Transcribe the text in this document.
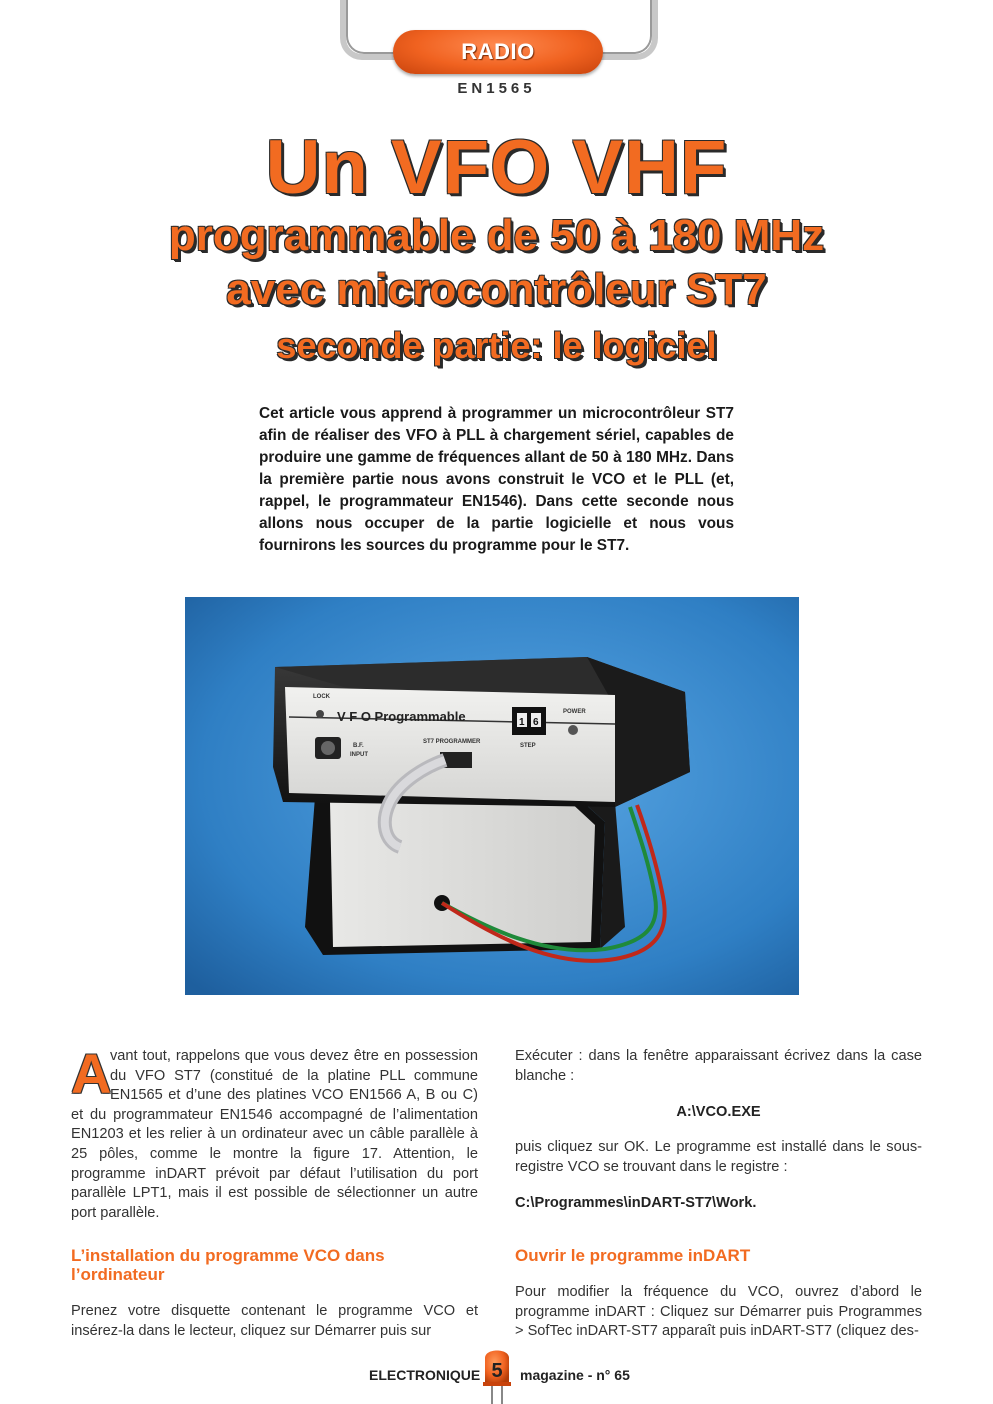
RADIO
EN1565
Un VFO VHF
programmable de 50 à 180 MHz
avec microcontrôleur ST7
seconde partie: le logiciel
Cet article vous apprend à programmer un microcontrôleur ST7 afin de réaliser des VFO à PLL à chargement sériel, capables de produire une gamme de fréquences allant de 50 à 180 MHz. Dans la première partie nous avons construit le VCO et le PLL (et, rappel, le programmateur EN1546). Dans cette seconde nous allons nous occuper de la partie logicielle et nous vous fournirons les sources du programme pour le ST7.
LOCK
V F O Programmable	1 6
STEP
POWER
B.F.
INPUT
ST7 PROGRAMMER
A
vant tout, rappelons que vous devez être en possession du VFO ST7 (constitué de la platine PLL commune EN1565 et d’une des platines VCO EN1566 A, B ou C) et du programmateur EN1546 accompagné de l’alimentation EN1203 et les relier à un ordinateur avec un câble parallèle à 25 pôles, comme le montre la figure 17. Attention, le programme inDART prévoit par défaut l’utilisation du port parallèle LPT1, mais il est possible de sélectionner un autre port parallèle.
L’installation du programme VCO dans l’ordinateur
Prenez votre disquette contenant le programme VCO et insérez-la dans le lecteur, cliquez sur Démarrer puis sur
Exécuter : dans la fenêtre apparaissant écrivez dans la case blanche :
A:\VCO.EXE
puis cliquez sur OK. Le programme est installé dans le sous-registre VCO se trouvant dans le registre :
C:\Programmes\inDART-ST7\Work.
Ouvrir le programme inDART
Pour modifier la fréquence du VCO, ouvrez d’abord le programme inDART : Cliquez sur Démarrer puis Programmes > SofTec inDART-ST7 apparaît puis inDART-ST7 (cliquez des-
ELECTRONIQUE 5 magazine - n° 65
